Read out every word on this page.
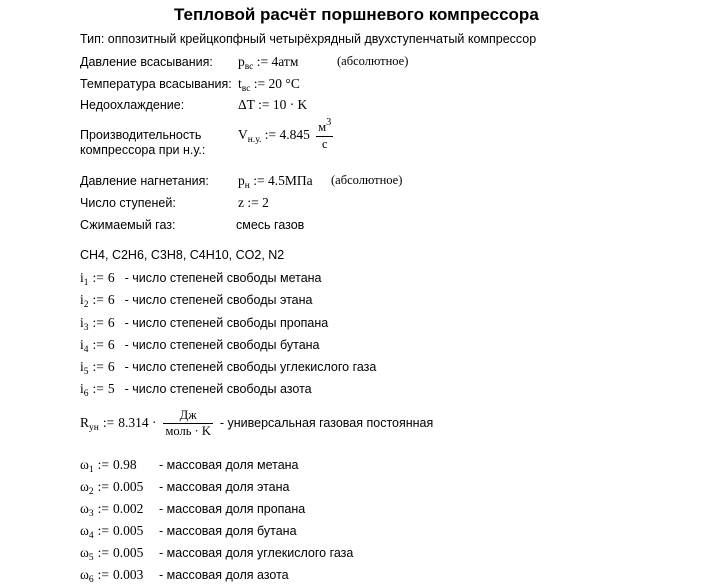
Тепловой расчёт поршневого компрессора
Тип: оппозитный крейцкопфный четырёхрядный двухступенчатый компрессор
Давление всасывания: $p_{вс}$ := 4атм	(абсолютное)
Температура всасывания: $t_{вс}$ := 20 °C
Недоохлаждение:	ΔT := 10 · K
Производительность
компрессора при н.у.:
$V_{н.у.}$ := $4.845 \frac{м^3}{с}$
Давление нагнетания: $p_н$ := 4.5МПа (абсолютное)
Число ступеней:	z := 2
Сжимаемый газ:	смесь газов
CH4, C2H6, C3H8, C4H10, CO2, N2
i1 := 6 - число степеней свободы метана
i2 := 6 - число степеней свободы этана
i3 := 6 - число степеней свободы пропана
i4 := 6 - число степеней свободы бутана
i5 := 6 - число степеней свободы углекислого газа
i6 := 5 - число степеней свободы азота
Rун := $8.314 \cdot \frac{Дж}{\text{моль · K}}$ - универсальная газовая постоянная
ω1 := 0.98 - массовая доля метана
ω2 := 0.005 - массовая доля этана
ω3 := 0.002 - массовая доля пропана
ω4 := 0.005 - массовая доля бутана
ω5 := 0.005 - массовая доля углекислого газа
ω6 := 0.003 - массовая доля азота
